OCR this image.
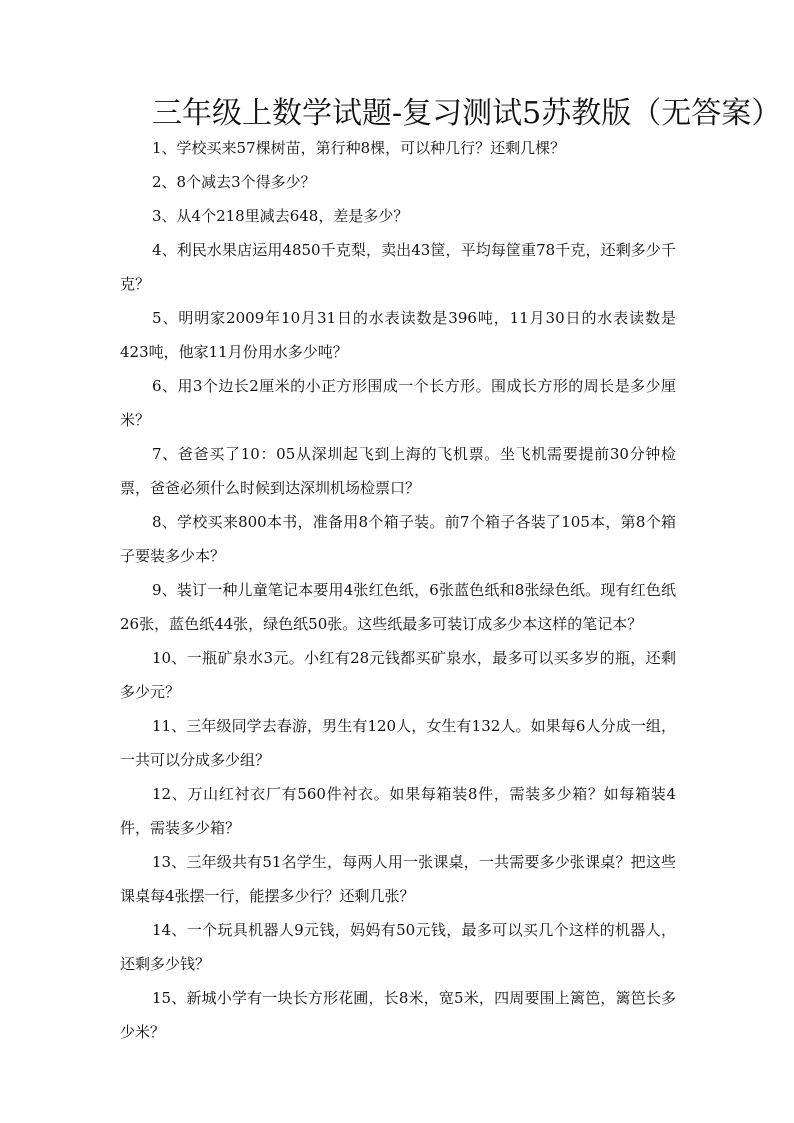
三年级上数学试题-复习测试5苏教版（无答案）

1、学校买来57棵树苗，第行种8棵，可以种几行？还剩几棵？

2、8个减去3个得多少？

3、从4个218里减去648，差是多少？

4、利民水果店运用4850千克梨，卖出43筐，平均每筐重78千克，还剩多少千克？

5、明明家2009年10月31日的水表读数是396吨，11月30日的水表读数是423吨，他家11月份用水多少吨？

6、用3个边长2厘米的小正方形围成一个长方形。围成长方形的周长是多少厘米？

7、爸爸买了10：05从深圳起飞到上海的飞机票。坐飞机需要提前30分钟检票，爸爸必须什么时候到达深圳机场检票口？

8、学校买来800本书，准备用8个箱子装。前7个箱子各装了105本，第8个箱子要装多少本？

9、装订一种儿童笔记本要用4张红色纸，6张蓝色纸和8张绿色纸。现有红色纸26张，蓝色纸44张，绿色纸50张。这些纸最多可装订成多少本这样的笔记本？

10、一瓶矿泉水3元。小红有28元钱都买矿泉水，最多可以买多岁的瓶，还剩多少元？

11、三年级同学去春游，男生有120人，女生有132人。如果每6人分成一组，一共可以分成多少组？

12、万山红衬衣厂有560件衬衣。如果每箱装8件，需装多少箱？如每箱装4件，需装多少箱？

13、三年级共有51名学生，每两人用一张课桌，一共需要多少张课桌？把这些课桌每4张摆一行，能摆多少行？还剩几张？

14、一个玩具机器人9元钱，妈妈有50元钱，最多可以买几个这样的机器人，还剩多少钱？

15、新城小学有一块长方形花圃，长8米，宽5米，四周要围上篱笆，篱笆长多少米？
